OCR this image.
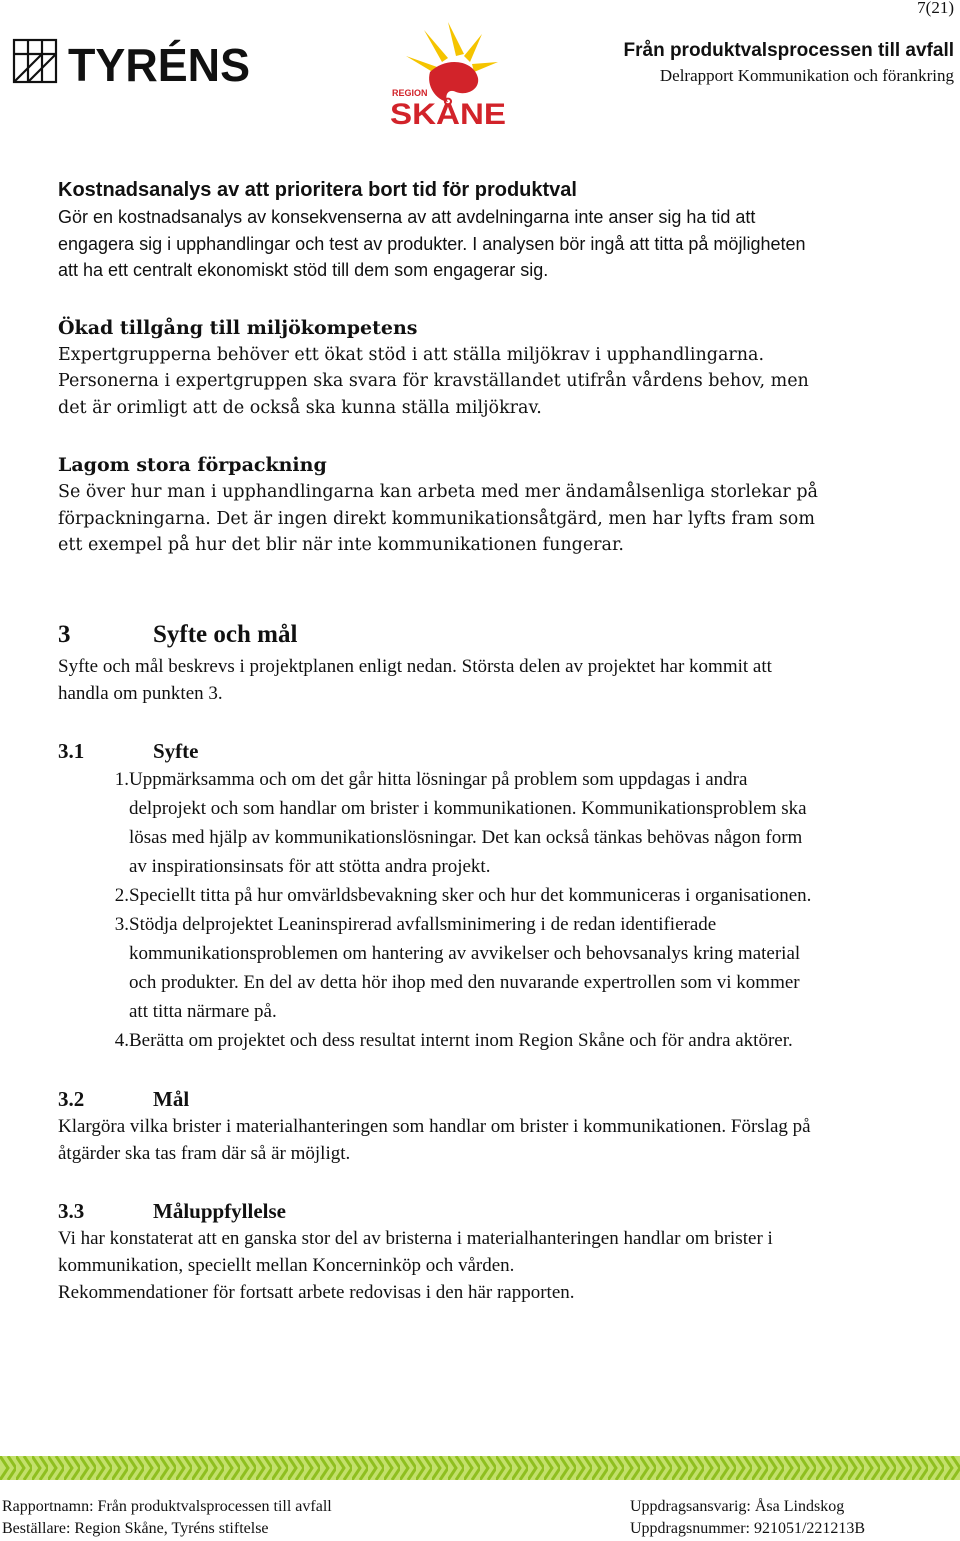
7(21)
TYRÉNS
REGION
SKÅNE
Från produktvalsprocessen till avfall
Delrapport Kommunikation och förankring
Kostnadsanalys av att prioritera bort tid för produktval

Gör en kostnadsanalys av konsekvenserna av att avdelningarna inte anser sig ha tid att engagera sig i upphandlingar och test av produkter. I analysen bör ingå att titta på möjligheten att ha ett centralt ekonomiskt stöd till dem som engagerar sig.

Ökad tillgång till miljökompetens

Expertgrupperna behöver ett ökat stöd i att ställa miljökrav i upphandlingarna. Personerna i expertgruppen ska svara för kravställandet utifrån vårdens behov, men det är orimligt att de också ska kunna ställa miljökrav.

Lagom stora förpackning

Se över hur man i upphandlingarna kan arbeta med mer ändamålsenliga storlekar på förpackningarna. Det är ingen direkt kommunikationsåtgärd, men har lyfts fram som ett exempel på hur det blir när inte kommunikationen fungerar.

3	Syfte och mål

Syfte och mål beskrevs i projektplanen enligt nedan. Största delen av projektet har kommit att handla om punkten 3.

3.1	Syfte
1. Uppmärksamma och om det går hitta lösningar på problem som uppdagas i andra delprojekt och som handlar om brister i kommunikationen. Kommunikationsproblem ska lösas med hjälp av kommunikationslösningar. Det kan också tänkas behövas någon form av inspirationsinsats för att stötta andra projekt.
2. Speciellt titta på hur omvärldsbevakning sker och hur det kommuniceras i organisationen.
3. Stödja delprojektet Leaninspirerad avfallsminimering i de redan identifierade kommunikationsproblemen om hantering av avvikelser och behovsanalys kring material och produkter. En del av detta hör ihop med den nuvarande expertrollen som vi kommer att titta närmare på.
4. Berätta om projektet och dess resultat internt inom Region Skåne och för andra aktörer.
3.2	Mål

Klargöra vilka brister i materialhanteringen som handlar om brister i kommunikationen. Förslag på åtgärder ska tas fram där så är möjligt.

3.3	Måluppfyllelse

Vi har konstaterat att en ganska stor del av bristerna i materialhanteringen handlar om brister i kommunikation, speciellt mellan Koncerninköp och vården.

Rekommendationer för fortsatt arbete redovisas i den här rapporten.

Rapportnamn: Från produktvalsprocessen till avfall
Beställare: Region Skåne, Tyréns stiftelse
Uppdragsansvarig: Åsa Lindskog
Uppdragsnummer: 921051/221213B
